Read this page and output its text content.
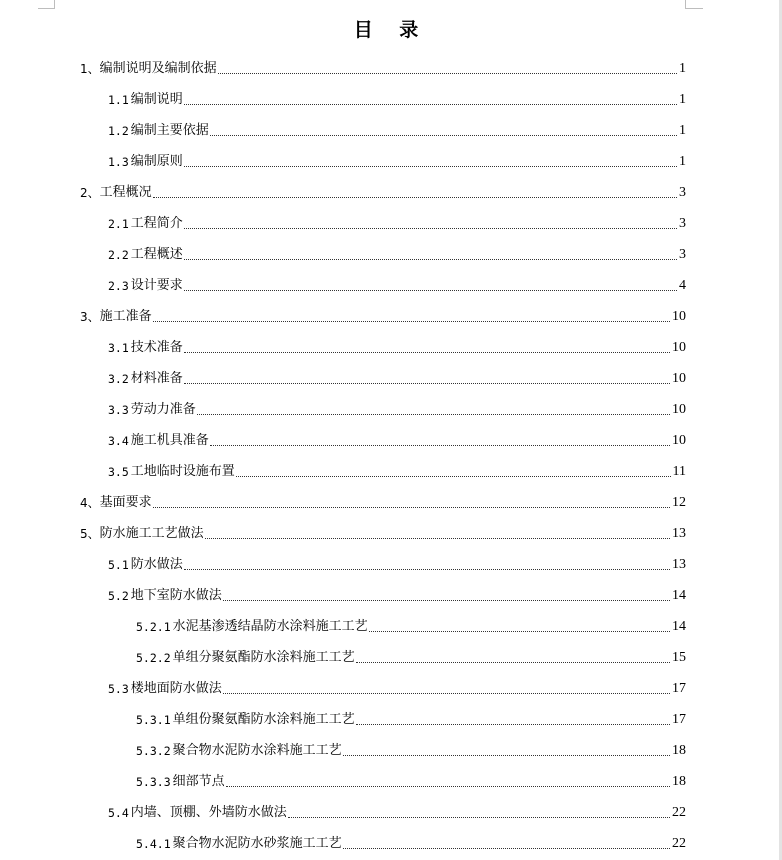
目 录
1、 编制说明及编制依据	1
1.1 编制说明	1
1.2 编制主要依据	1
1.3 编制原则	1
2、 工程概况	3
2.1 工程简介	3
2.2 工程概述	3
2.3 设计要求	4
3、 施工准备	10
3.1 技术准备	10
3.2 材料准备	10
3.3 劳动力准备	10
3.4 施工机具准备	10
3.5 工地临时设施布置	11
4、 基面要求	12
5、 防水施工工艺做法	13
5.1 防水做法	13
5.2 地下室防水做法	14
5.2.1 水泥基渗透结晶防水涂料施工工艺	14
5.2.2 单组分聚氨酯防水涂料施工工艺	15
5.3 楼地面防水做法	17
5.3.1 单组份聚氨酯防水涂料施工工艺	17
5.3.2 聚合物水泥防水涂料施工工艺	18
5.3.3 细部节点	18
5.4 内墙、顶棚、外墙防水做法	22
5.4.1 聚合物水泥防水砂浆施工工艺	22
